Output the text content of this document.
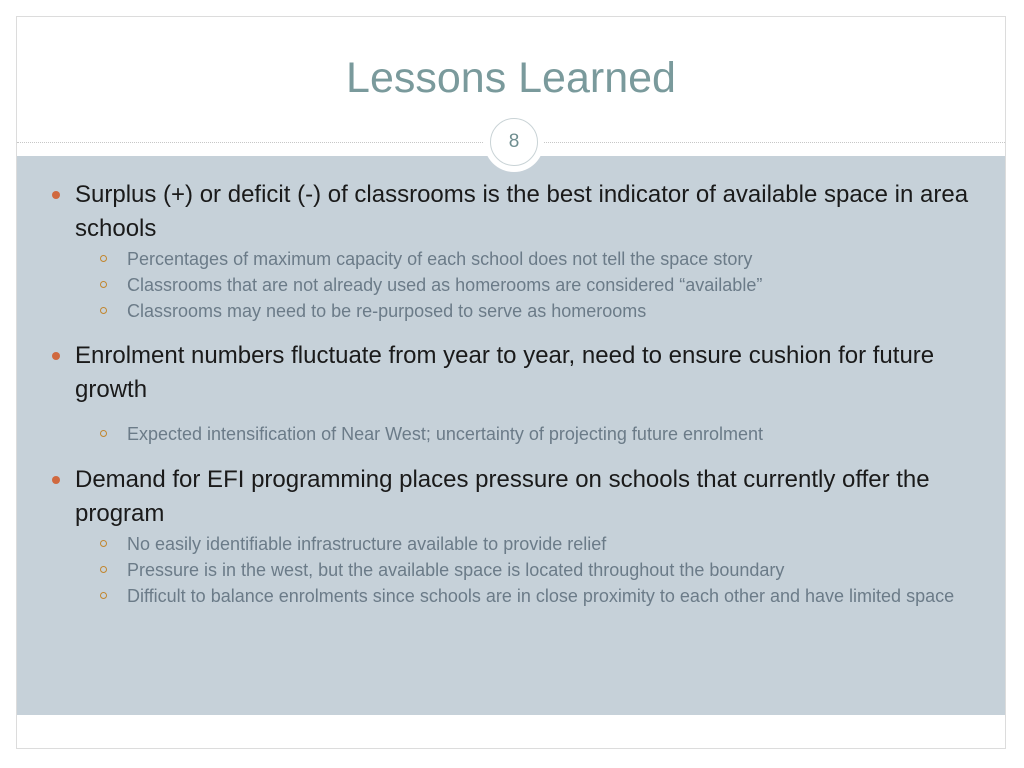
Lessons Learned
8
Surplus (+) or deficit (-) of classrooms is the best indicator of available space in area schools
Percentages of maximum capacity of each school does not tell the space story
Classrooms that are not already used as homerooms are considered “available”
Classrooms may need to be re-purposed to serve as homerooms
Enrolment numbers fluctuate from year to year, need to ensure cushion for future growth
Expected intensification of Near West; uncertainty of projecting future enrolment
Demand for EFI programming places pressure on schools that currently offer the program
No easily identifiable infrastructure available to provide relief
Pressure is in the west, but the available space is located throughout the boundary
Difficult to balance enrolments since schools are in close proximity to each other and have limited space
